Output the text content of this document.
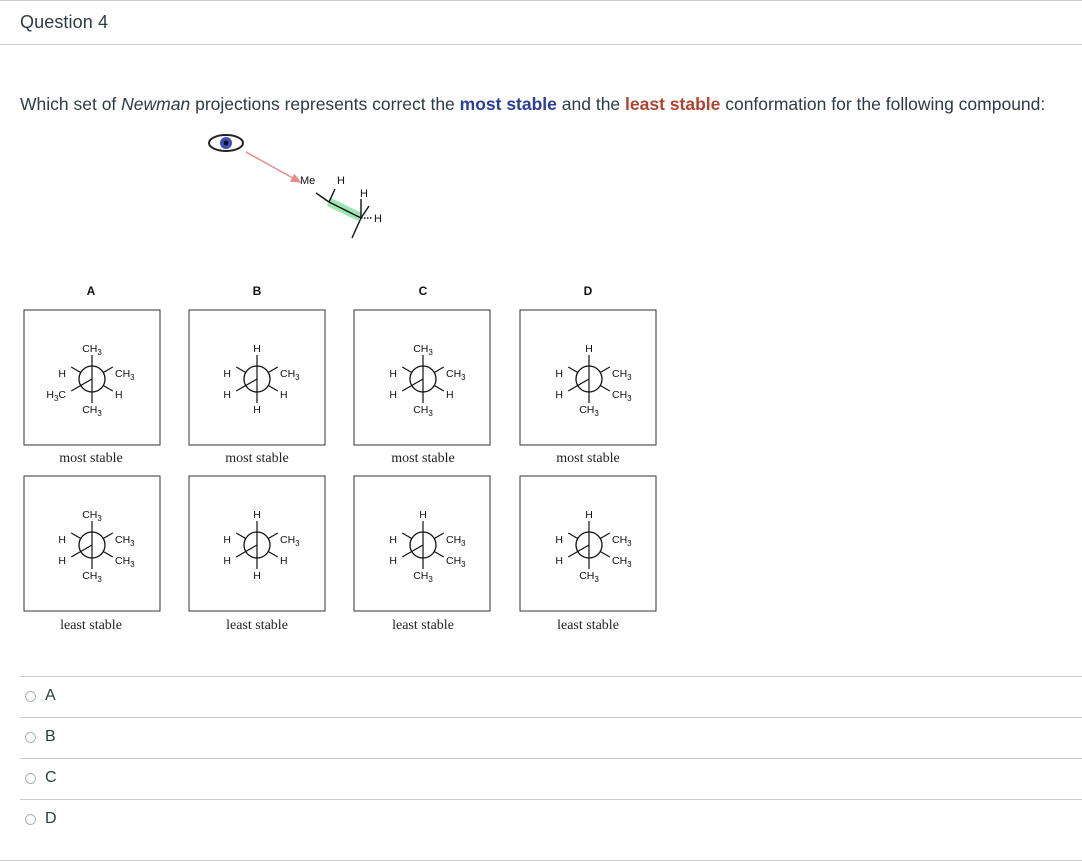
Question 4
Which set of Newman projections represents correct the most stable and the least stable conformation for the following compound:
Me H
H
H
A	B	C	D
most stable	most stable	most stable	most stable
least stable	least stable	least stable	least stable
$CH_3$
$CH_3$
$H_3C$
H	$CH_3$
H
$CH_3$
$CH_3$
H
H	$CH_3$
$CH_3$
H
H
H
H	$CH_3$
H
H
H
H
H	$CH_3$
H
$CH_3$
$CH_3$
H
H	$CH_3$
H
H
$CH_3$
H
H	$CH_3$
$CH_3$
H
$CH_3$
H
H	$CH_3$
$CH_3$
H
$CH_3$
H
H	$CH_3$
$CH_3$
A
B
C
D
